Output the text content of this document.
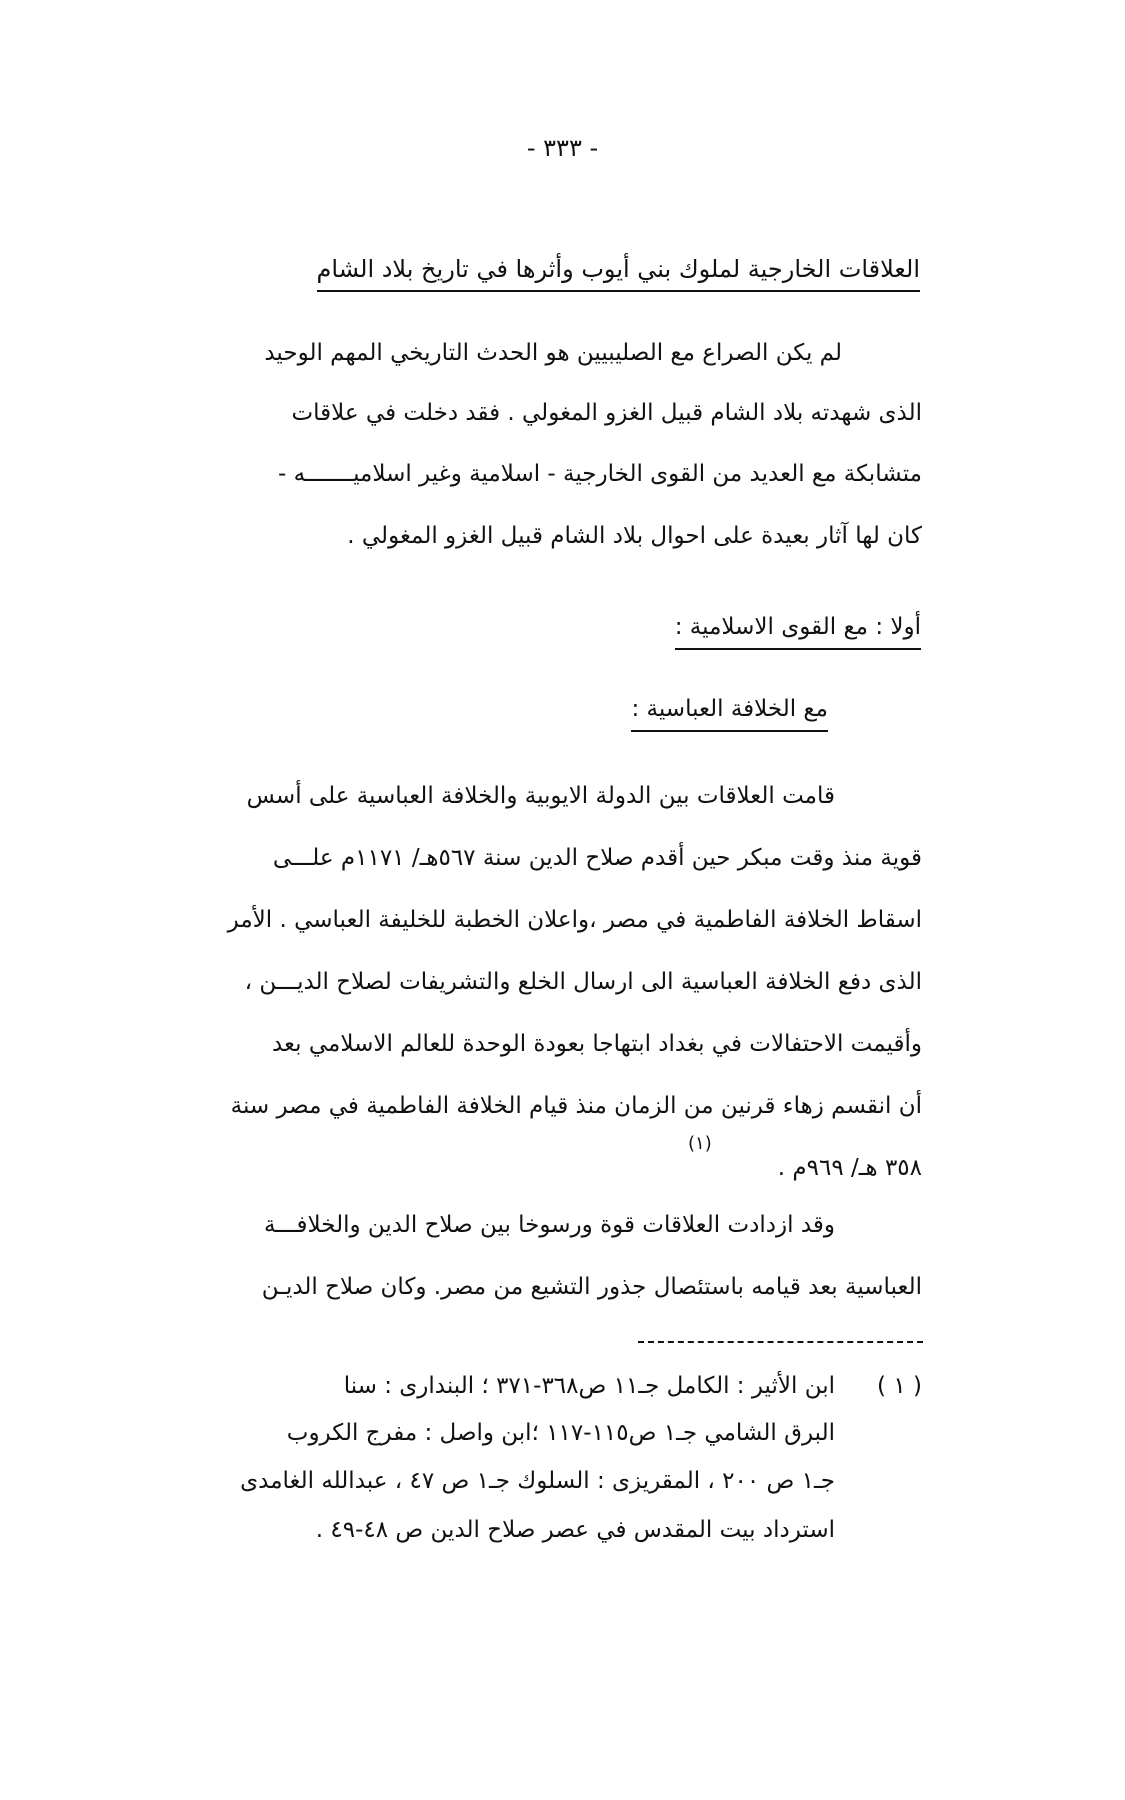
- ٣٣٣ -
العلاقات الخارجية لملوك بني أيوب وأثرها في تاريخ بلاد الشام
لم يكن الصراع مع الصليبيين هو الحدث التاريخي المهم الوحيد
الذى شهدته بلاد الشام قبيل الغزو المغولي . فقد دخلت في علاقات
متشابكة مع العديد من القوى الخارجية - اسلامية وغير اسلاميـــــــه -
كان لها آثار بعيدة على احوال بلاد الشام قبيل الغزو المغولي .
أولا : مع القوى الاسلامية :
مع الخلافة العباسية :
قامت العلاقات بين الدولة الايوبية والخلافة العباسية على أسس
قوية منذ وقت مبكر حين أقدم صلاح الدين سنة ٥٦٧هـ/ ١١٧١م علـــى
اسقاط الخلافة الفاطمية في مصر ،واعلان الخطبة للخليفة العباسي . الأمر
الذى دفع الخلافة العباسية الى ارسال الخلع والتشريفات لصلاح الديـــن ،
وأقيمت الاحتفالات في بغداد ابتهاجا بعودة الوحدة للعالم الاسلامي بعد
أن انقسم زهاء قرنين من الزمان منذ قيام الخلافة الفاطمية في مصر سنة
(١)
٣٥٨ هـ/ ٩٦٩م .
وقد ازدادت العلاقات قوة ورسوخا بين صلاح الدين والخلافـــة
العباسية بعد قيامه باستئصال جذور التشيع من مصر. وكان صلاح الديـن
( ١ )
ابن الأثير : الكامل جـ١١ ص٣٦٨-٣٧١ ؛ البندارى : سنا
البرق الشامي جـ١ ص١١٥-١١٧ ؛ابن واصل : مفرج الكروب
جـ١ ص ٢٠٠ ، المقريزى : السلوك جـ١ ص ٤٧ ، عبدالله الغامدى
استرداد بيت المقدس في عصر صلاح الدين ص ٤٨-٤٩ .
